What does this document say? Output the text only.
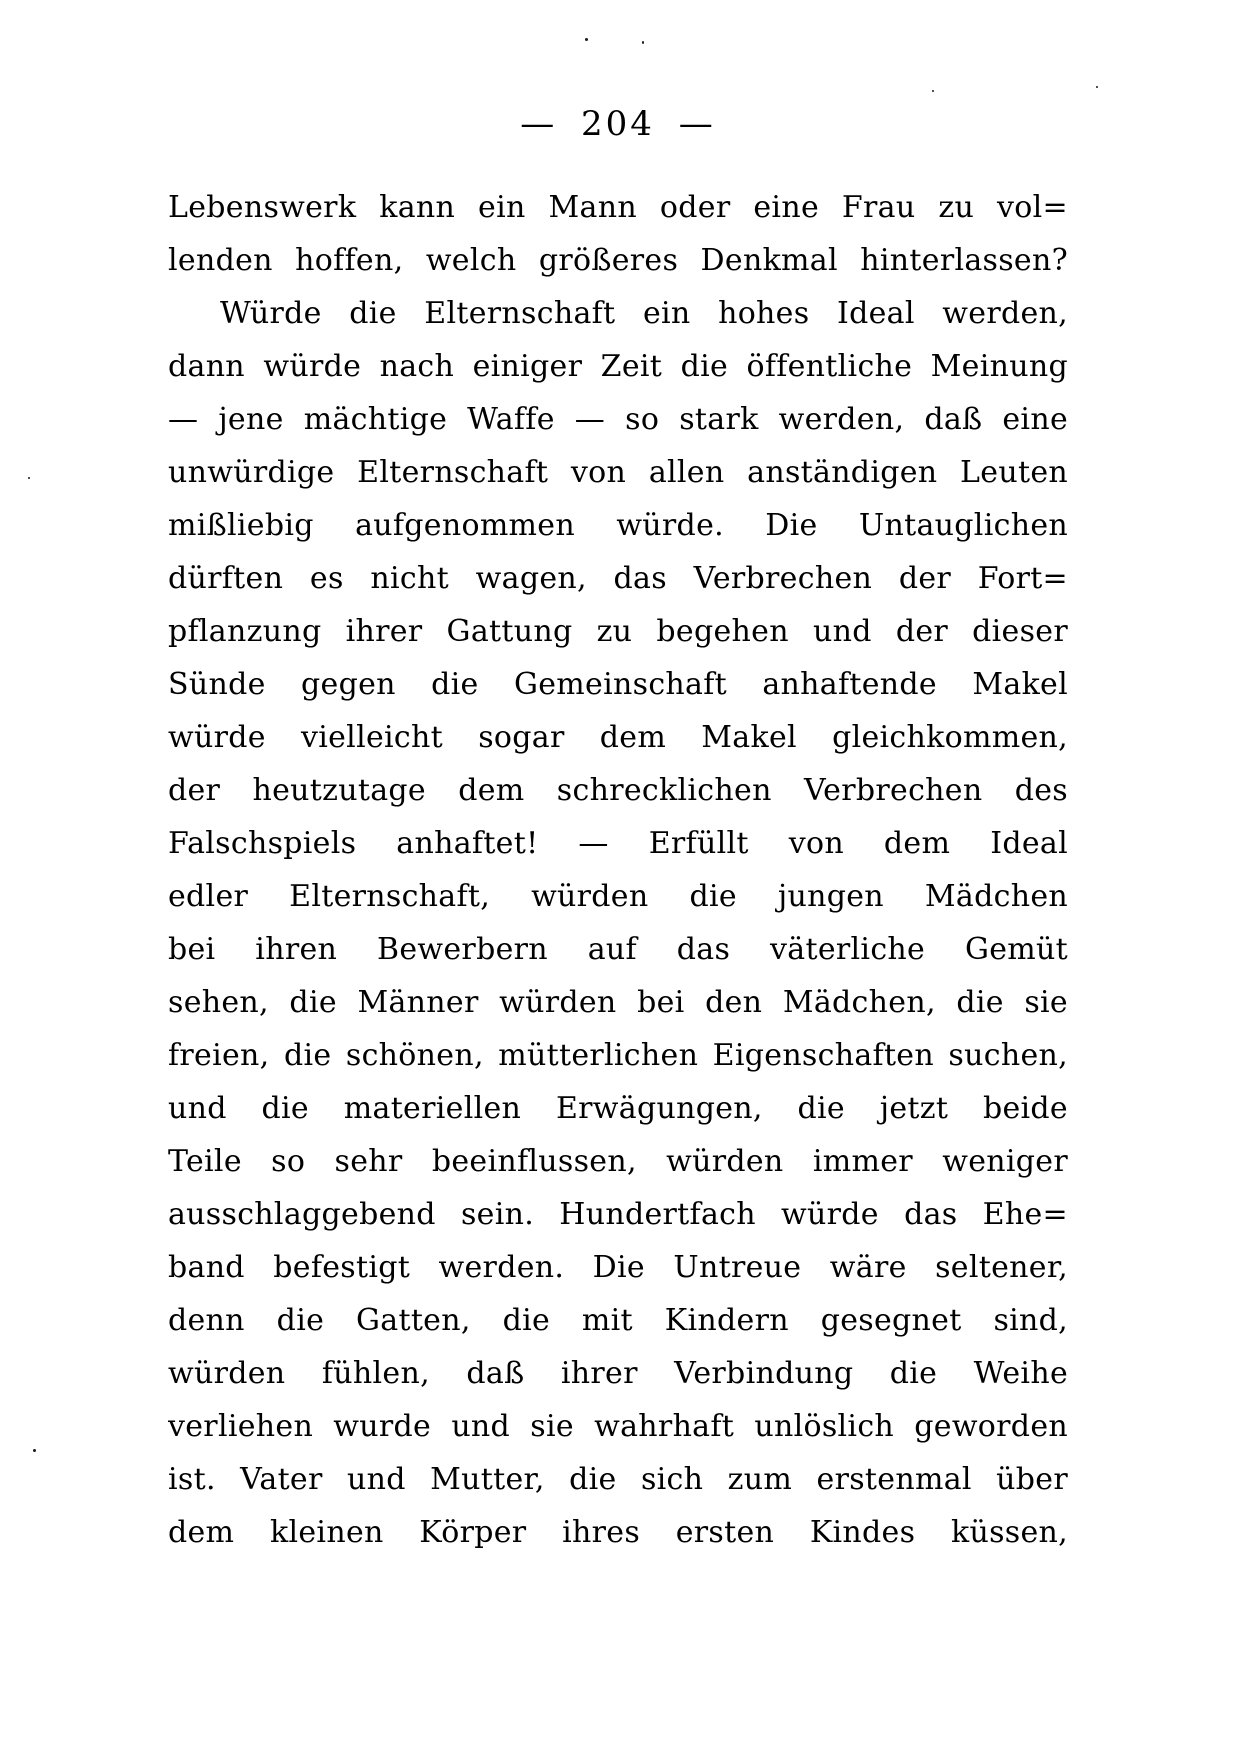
— 204 —
Lebenswerk kann ein Mann oder eine Frau zu vol=
lenden hoffen, welch größeres Denkmal hinterlassen?
Würde die Elternschaft ein hohes Ideal werden,
dann würde nach einiger Zeit die öffentliche Meinung
— jene mächtige Waffe — so stark werden, daß eine
unwürdige Elternschaft von allen anständigen Leuten
mißliebig aufgenommen würde. Die Untauglichen
dürften es nicht wagen, das Verbrechen der Fort=
pflanzung ihrer Gattung zu begehen und der dieser
Sünde gegen die Gemeinschaft anhaftende Makel
würde vielleicht sogar dem Makel gleichkommen,
der heutzutage dem schrecklichen Verbrechen des
Falschspiels anhaftet! — Erfüllt von dem Ideal
edler Elternschaft, würden die jungen Mädchen
bei ihren Bewerbern auf das väterliche Gemüt
sehen, die Männer würden bei den Mädchen, die sie
freien, die schönen, mütterlichen Eigenschaften suchen,
und die materiellen Erwägungen, die jetzt beide
Teile so sehr beeinflussen, würden immer weniger
ausschlaggebend sein. Hundertfach würde das Ehe=
band befestigt werden. Die Untreue wäre seltener,
denn die Gatten, die mit Kindern gesegnet sind,
würden fühlen, daß ihrer Verbindung die Weihe
verliehen wurde und sie wahrhaft unlöslich geworden
ist. Vater und Mutter, die sich zum erstenmal über
dem kleinen Körper ihres ersten Kindes küssen,
